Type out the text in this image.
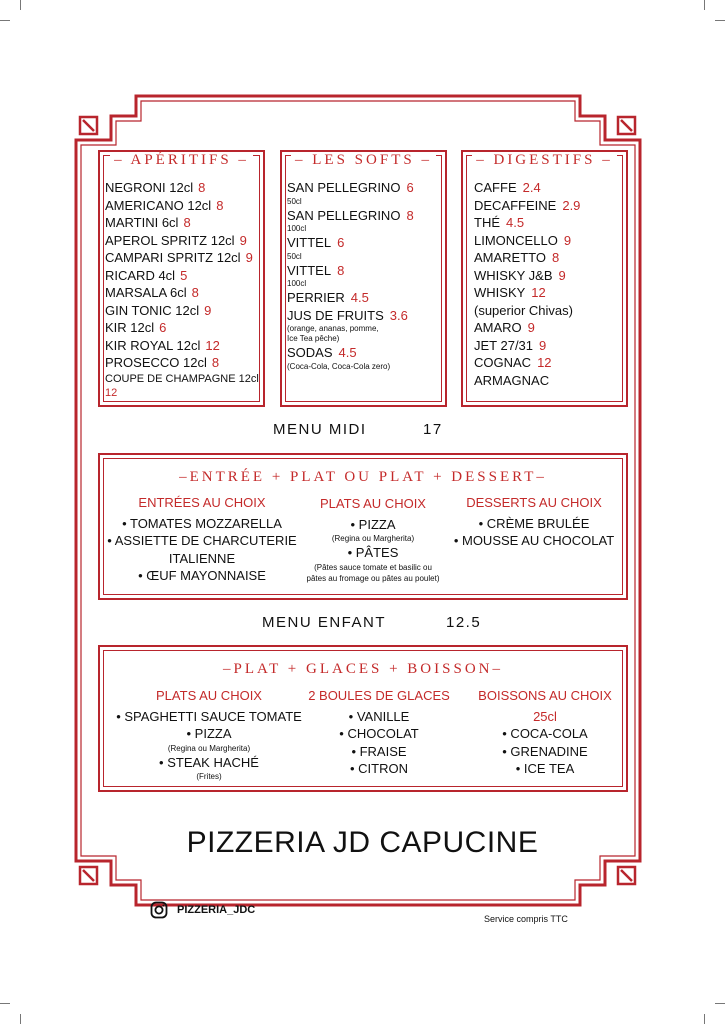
– APÉRITIFS –
NEGRONI 12cl 8
AMERICANO 12cl 8
MARTINI 6cl 8
APEROL SPRITZ 12cl 9
CAMPARI SPRITZ 12cl 9
RICARD 4cl 5
MARSALA 6cl 8
GIN TONIC 12cl 9
KIR 12cl 6
KIR ROYAL 12cl 12
PROSECCO 12cl 8
COUPE DE CHAMPAGNE 12cl
12
– LES SOFTS –
SAN PELLEGRINO 6
50cl
SAN PELLEGRINO 8
100cl
VITTEL 6
50cl
VITTEL 8
100cl
PERRIER 4.5
JUS DE FRUITS 3.6
(orange, ananas, pomme,
Ice Tea pêche)
SODAS 4.5
(Coca-Cola, Coca-Cola zero)
– DIGESTIFS –
CAFFE 2.4
DECAFFEINE 2.9
THÉ 4.5
LIMONCELLO 9
AMARETTO 8
WHISKY J&B 9
WHISKY 12
(superior Chivas)
AMARO 9
JET 27/31 9
COGNAC 12
ARMAGNAC
MENU MIDI	17
–ENTRÉE + PLAT OU PLAT + DESSERT–
ENTRÉES AU CHOIX
• TOMATES MOZZARELLA
• ASSIETTE DE CHARCUTERIE
ITALIENNE
• ŒUF MAYONNAISE
PLATS AU CHOIX
• PIZZA
(Regina ou Margherita)
• PÂTES
(Pâtes sauce tomate et basilic ou
pâtes au fromage ou pâtes au poulet)
DESSERTS AU CHOIX
• CRÈME BRULÉE
• MOUSSE AU CHOCOLAT
MENU ENFANT	12.5
–PLAT + GLACES + BOISSON–
PLATS AU CHOIX
• SPAGHETTI SAUCE TOMATE
• PIZZA
(Regina ou Margherita)
• STEAK HACHÉ
(Frites)
2 BOULES DE GLACES
• VANILLE
• CHOCOLAT
• FRAISE
• CITRON
BOISSONS AU CHOIX
25cl
• COCA-COLA
• GRENADINE
• ICE TEA
PIZZERIA JD CAPUCINE
PIZZERIA_JDC
Service compris TTC
